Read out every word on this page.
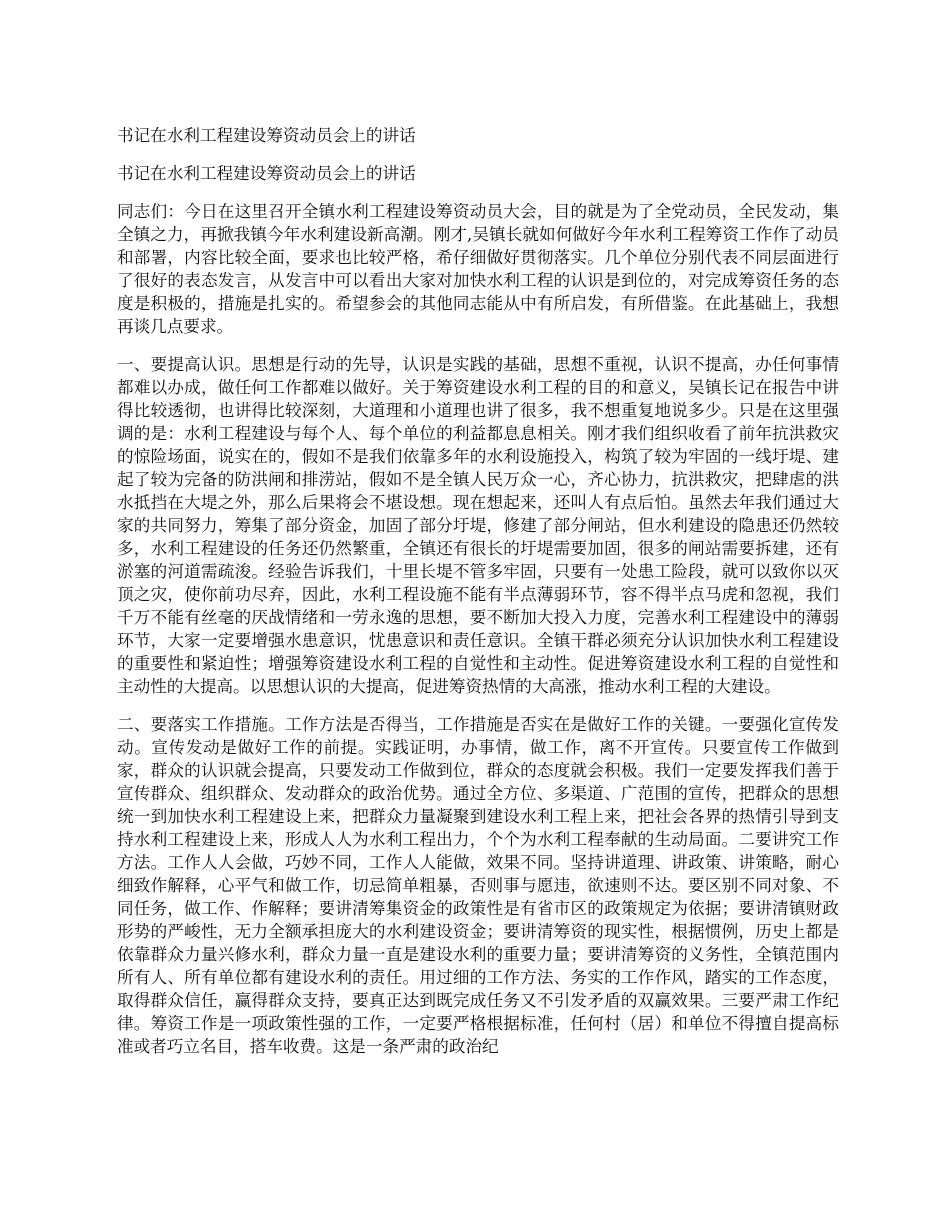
书记在水利工程建设筹资动员会上的讲话

书记在水利工程建设筹资动员会上的讲话

同志们：今日在这里召开全镇水利工程建设筹资动员大会，目的就是为了全党动员，全民发动，集全镇之力，再掀我镇今年水利建设新高潮。刚才,吴镇长就如何做好今年水利工程筹资工作作了动员和部署，内容比较全面，要求也比较严格，希仔细做好贯彻落实。几个单位分别代表不同层面进行了很好的表态发言，从发言中可以看出大家对加快水利工程的认识是到位的，对完成筹资任务的态度是积极的，措施是扎实的。希望参会的其他同志能从中有所启发，有所借鉴。在此基础上，我想再谈几点要求。

一、要提高认识。思想是行动的先导，认识是实践的基础，思想不重视，认识不提高，办任何事情都难以办成，做任何工作都难以做好。关于筹资建设水利工程的目的和意义，吴镇长记在报告中讲得比较透彻，也讲得比较深刻，大道理和小道理也讲了很多，我不想重复地说多少。只是在这里强调的是：水利工程建设与每个人、每个单位的利益都息息相关。刚才我们组织收看了前年抗洪救灾的惊险场面，说实在的，假如不是我们依靠多年的水利设施投入，构筑了较为牢固的一线圩堤、建起了较为完备的防洪闸和排涝站，假如不是全镇人民万众一心，齐心协力，抗洪救灾，把肆虐的洪水抵挡在大堤之外，那么后果将会不堪设想。现在想起来，还叫人有点后怕。虽然去年我们通过大家的共同努力，筹集了部分资金，加固了部分圩堤，修建了部分闸站，但水利建设的隐患还仍然较多，水利工程建设的任务还仍然繁重，全镇还有很长的圩堤需要加固，很多的闸站需要拆建，还有淤塞的河道需疏浚。经验告诉我们，十里长堤不管多牢固，只要有一处患工险段，就可以致你以灭顶之灾，使你前功尽弃，因此，水利工程设施不能有半点薄弱环节，容不得半点马虎和忽视，我们千万不能有丝毫的厌战情绪和一劳永逸的思想，要不断加大投入力度，完善水利工程建设中的薄弱环节，大家一定要增强水患意识，忧患意识和责任意识。全镇干群必须充分认识加快水利工程建设的重要性和紧迫性；增强筹资建设水利工程的自觉性和主动性。促进筹资建设水利工程的自觉性和主动性的大提高。以思想认识的大提高，促进筹资热情的大高涨，推动水利工程的大建设。

二、要落实工作措施。工作方法是否得当，工作措施是否实在是做好工作的关键。一要强化宣传发动。宣传发动是做好工作的前提。实践证明，办事情，做工作，离不开宣传。只要宣传工作做到家，群众的认识就会提高，只要发动工作做到位，群众的态度就会积极。我们一定要发挥我们善于宣传群众、组织群众、发动群众的政治优势。通过全方位、多渠道、广范围的宣传，把群众的思想统一到加快水利工程建设上来，把群众力量凝聚到建设水利工程上来，把社会各界的热情引导到支持水利工程建设上来，形成人人为水利工程出力，个个为水利工程奉献的生动局面。二要讲究工作方法。工作人人会做，巧妙不同，工作人人能做，效果不同。坚持讲道理、讲政策、讲策略，耐心细致作解释，心平气和做工作，切忌简单粗暴，否则事与愿违，欲速则不达。要区别不同对象、不同任务，做工作、作解释；要讲清筹集资金的政策性是有省市区的政策规定为依据；要讲清镇财政形势的严峻性，无力全额承担庞大的水利建设资金；要讲清筹资的现实性，根据惯例，历史上都是依靠群众力量兴修水利，群众力量一直是建设水利的重要力量；要讲清筹资的义务性，全镇范围内所有人、所有单位都有建设水利的责任。用过细的工作方法、务实的工作作风，踏实的工作态度，取得群众信任，赢得群众支持，要真正达到既完成任务又不引发矛盾的双赢效果。三要严肃工作纪律。筹资工作是一项政策性强的工作，一定要严格根据标准，任何村（居）和单位不得擅自提高标准或者巧立名目，搭车收费。这是一条严肃的政治纪
